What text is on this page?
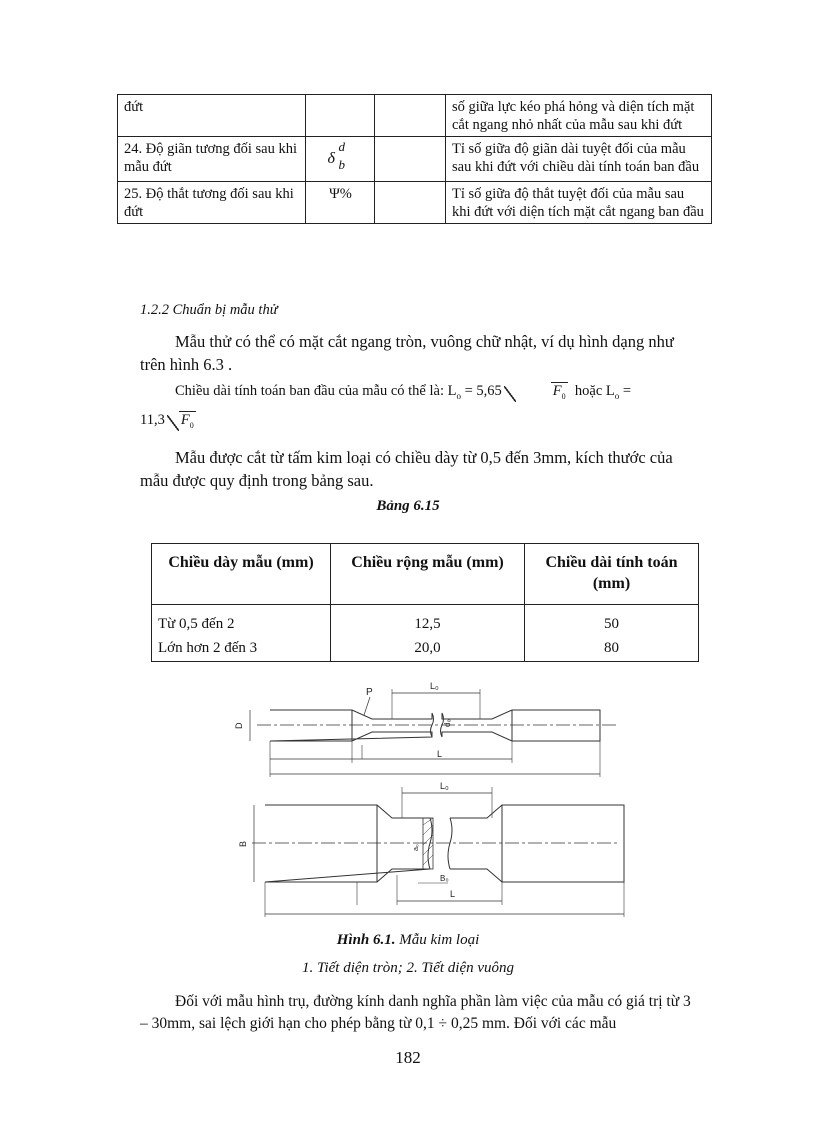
đứt			số giữa lực kéo phá hỏng và diện tích mặt cắt ngang nhỏ nhất của mẫu sau khi đứt
24. Độ giãn tương đối sau khi mẫu đứt	δ
d
b		Tỉ số giữa độ giãn dài tuyệt đối của mẫu sau khi đứt với chiều dài tính toán ban đầu
25. Độ thắt tương đối sau khi đứt	Ψ%		Tỉ số giữa độ thắt tuyệt đối của mẫu sau khi đứt với diện tích mặt cắt ngang ban đầu
1.2.2 Chuẩn bị mẫu thử
Mẫu thử có thể có mặt cắt ngang tròn, vuông chữ nhật, ví dụ hình dạng như trên hình 6.3 .
Chiều dài tính toán ban đầu của mẫu có thể là: $L_o = 5,65$	$F_0$  hoặc $L_o$ =
11,3 $F_0$
Mẫu được cắt từ tấm kim loại có chiều dày từ 0,5 đến 3mm, kích thước của mẫu được quy định trong bảng sau.
Bảng 6.15
Chiều dày mẫu (mm)	Chiều rộng mẫu (mm)	Chiều dài tính toán (mm)
Từ 0,5 đến 2	12,5	50
Lớn hơn 2 đến 3	20,0	80
P
L₀
D	d₀
L
L₀
B
a₀
B₀
L
Hình 6.1. Mẫu kim loại
1. Tiết diện tròn; 2. Tiết diện vuông
Đối với mẫu hình trụ, đường kính danh nghĩa phần làm việc của mẫu có giá trị từ 3 – 30mm, sai lệch giới hạn cho phép bằng từ 0,1 ÷ 0,25 mm. Đối với các mẫu
182
